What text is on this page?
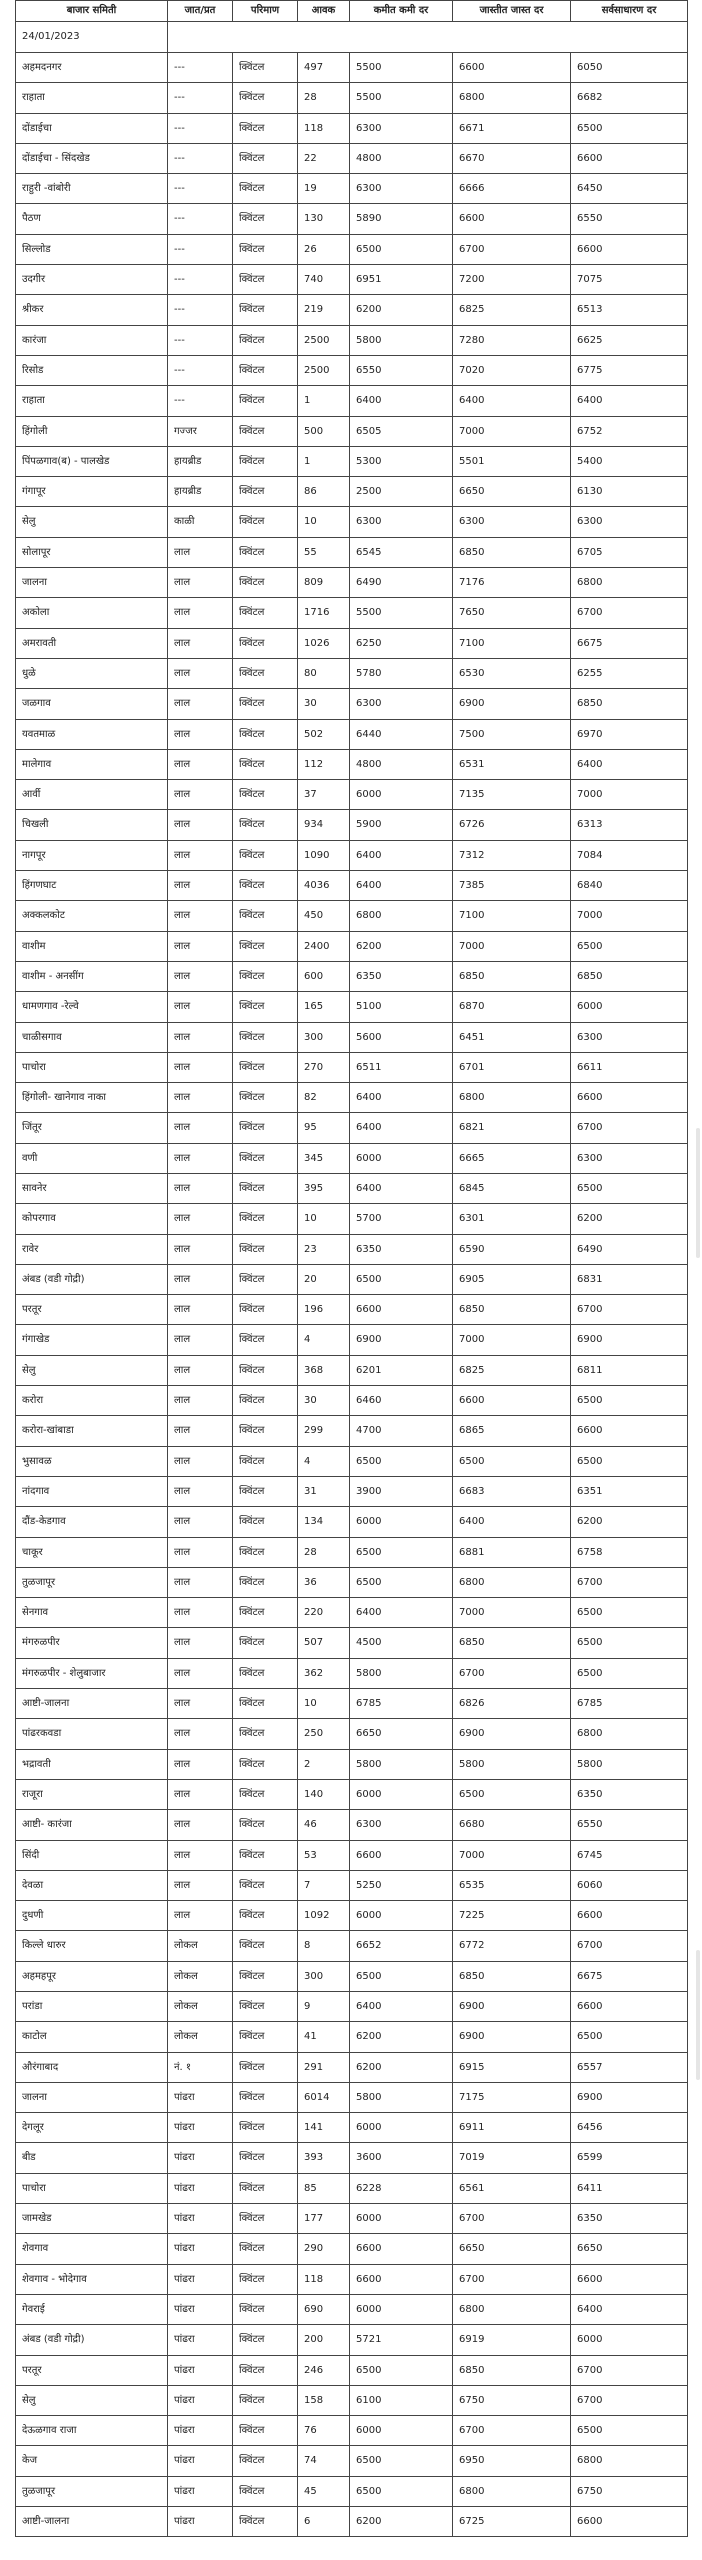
बाजार समिती	जात/प्रत	परिमाण	आवक	कमीत कमी दर	जास्तीत जास्त दर	सर्वसाधारण दर
24/01/2023						
अहमदनगर	---	क्विंटल	497	5500	6600	6050
राहाता	---	क्विंटल	28	5500	6800	6682
दोंडाईचा	---	क्विंटल	118	6300	6671	6500
दोंडाईचा - सिंदखेड	---	क्विंटल	22	4800	6670	6600
राहुरी -वांबोरी	---	क्विंटल	19	6300	6666	6450
पैठण	---	क्विंटल	130	5890	6600	6550
सिल्लोड	---	क्विंटल	26	6500	6700	6600
उदगीर	---	क्विंटल	740	6951	7200	7075
श्रीकर	---	क्विंटल	219	6200	6825	6513
कारंजा	---	क्विंटल	2500	5800	7280	6625
रिसोड	---	क्विंटल	2500	6550	7020	6775
राहाता	---	क्विंटल	1	6400	6400	6400
हिंगोली	गज्जर	क्विंटल	500	6505	7000	6752
पिंपळगाव(ब) - पालखेड	हायब्रीड	क्विंटल	1	5300	5501	5400
गंगापूर	हायब्रीड	क्विंटल	86	2500	6650	6130
सेलु	काळी	क्विंटल	10	6300	6300	6300
सोलापूर	लाल	क्विंटल	55	6545	6850	6705
जालना	लाल	क्विंटल	809	6490	7176	6800
अकोला	लाल	क्विंटल	1716	5500	7650	6700
अमरावती	लाल	क्विंटल	1026	6250	7100	6675
धुळे	लाल	क्विंटल	80	5780	6530	6255
जळगाव	लाल	क्विंटल	30	6300	6900	6850
यवतमाळ	लाल	क्विंटल	502	6440	7500	6970
मालेगाव	लाल	क्विंटल	112	4800	6531	6400
आर्वी	लाल	क्विंटल	37	6000	7135	7000
चिखली	लाल	क्विंटल	934	5900	6726	6313
नागपूर	लाल	क्विंटल	1090	6400	7312	7084
हिंगणघाट	लाल	क्विंटल	4036	6400	7385	6840
अक्कलकोट	लाल	क्विंटल	450	6800	7100	7000
वाशीम	लाल	क्विंटल	2400	6200	7000	6500
वाशीम - अनसींग	लाल	क्विंटल	600	6350	6850	6850
धामणगाव -रेल्वे	लाल	क्विंटल	165	5100	6870	6000
चाळीसगाव	लाल	क्विंटल	300	5600	6451	6300
पाचोरा	लाल	क्विंटल	270	6511	6701	6611
हिंगोली- खानेगाव नाका	लाल	क्विंटल	82	6400	6800	6600
जिंतूर	लाल	क्विंटल	95	6400	6821	6700
वणी	लाल	क्विंटल	345	6000	6665	6300
सावनेर	लाल	क्विंटल	395	6400	6845	6500
कोपरगाव	लाल	क्विंटल	10	5700	6301	6200
रावेर	लाल	क्विंटल	23	6350	6590	6490
अंबड (वडी गोद्री)	लाल	क्विंटल	20	6500	6905	6831
परतूर	लाल	क्विंटल	196	6600	6850	6700
गंगाखेड	लाल	क्विंटल	4	6900	7000	6900
सेलु	लाल	क्विंटल	368	6201	6825	6811
करोरा	लाल	क्विंटल	30	6460	6600	6500
करोरा-खांबाडा	लाल	क्विंटल	299	4700	6865	6600
भुसावळ	लाल	क्विंटल	4	6500	6500	6500
नांदगाव	लाल	क्विंटल	31	3900	6683	6351
दौंड-केडगाव	लाल	क्विंटल	134	6000	6400	6200
चाकूर	लाल	क्विंटल	28	6500	6881	6758
तुळजापूर	लाल	क्विंटल	36	6500	6800	6700
सेनगाव	लाल	क्विंटल	220	6400	7000	6500
मंगरुळपीर	लाल	क्विंटल	507	4500	6850	6500
मंगरुळपीर - शेलुबाजार	लाल	क्विंटल	362	5800	6700	6500
आष्टी-जालना	लाल	क्विंटल	10	6785	6826	6785
पांढरकवडा	लाल	क्विंटल	250	6650	6900	6800
भद्रावती	लाल	क्विंटल	2	5800	5800	5800
राजूरा	लाल	क्विंटल	140	6000	6500	6350
आष्टी- कारंजा	लाल	क्विंटल	46	6300	6680	6550
सिंदी	लाल	क्विंटल	53	6600	7000	6745
देवळा	लाल	क्विंटल	7	5250	6535	6060
दुधणी	लाल	क्विंटल	1092	6000	7225	6600
किल्ले धारुर	लोकल	क्विंटल	8	6652	6772	6700
अहमहपूर	लोकल	क्विंटल	300	6500	6850	6675
परांडा	लोकल	क्विंटल	9	6400	6900	6600
काटोल	लोकल	क्विंटल	41	6200	6900	6500
औरंगाबाद	नं. १	क्विंटल	291	6200	6915	6557
जालना	पांढरा	क्विंटल	6014	5800	7175	6900
देगलूर	पांढरा	क्विंटल	141	6000	6911	6456
बीड	पांढरा	क्विंटल	393	3600	7019	6599
पाचोरा	पांढरा	क्विंटल	85	6228	6561	6411
जामखेड	पांढरा	क्विंटल	177	6000	6700	6350
शेवगाव	पांढरा	क्विंटल	290	6600	6650	6650
शेवगाव - भोदेगाव	पांढरा	क्विंटल	118	6600	6700	6600
गेवराई	पांढरा	क्विंटल	690	6000	6800	6400
अंबड (वडी गोद्री)	पांढरा	क्विंटल	200	5721	6919	6000
परतूर	पांढरा	क्विंटल	246	6500	6850	6700
सेलु	पांढरा	क्विंटल	158	6100	6750	6700
देऊळगाव राजा	पांढरा	क्विंटल	76	6000	6700	6500
केज	पांढरा	क्विंटल	74	6500	6950	6800
तुळजापूर	पांढरा	क्विंटल	45	6500	6800	6750
आष्टी-जालना	पांढरा	क्विंटल	6	6200	6725	6600
